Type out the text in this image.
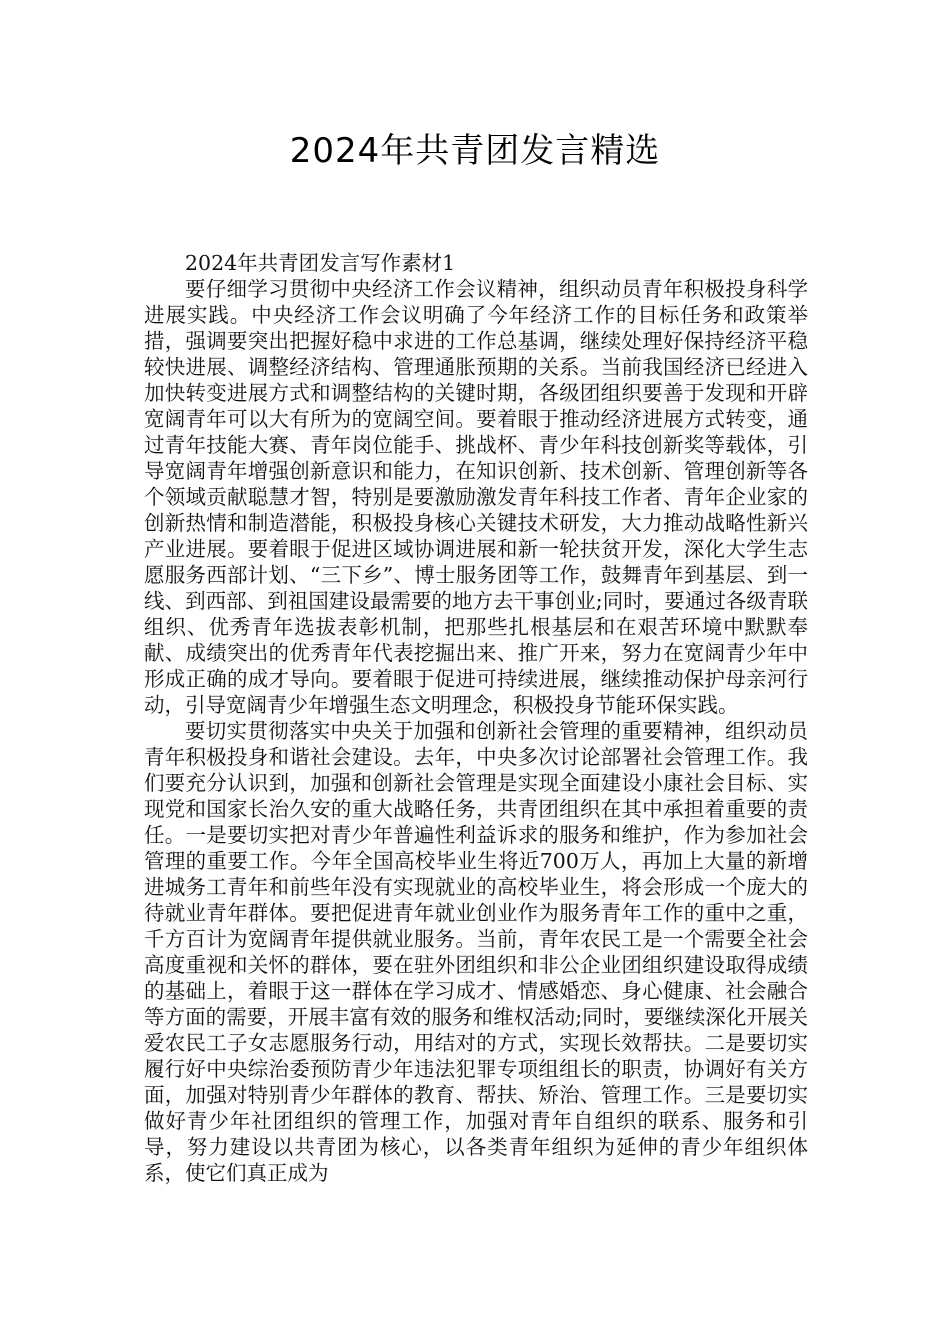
2024年共青团发言精选
2024年共青团发言写作素材1

要仔细学习贯彻中央经济工作会议精神，组织动员青年积极投身科学进展实践。中央经济工作会议明确了今年经济工作的目标任务和政策举措，强调要突出把握好稳中求进的工作总基调，继续处理好保持经济平稳较快进展、调整经济结构、管理通胀预期的关系。当前我国经济已经进入加快转变进展方式和调整结构的关键时期，各级团组织要善于发现和开辟宽阔青年可以大有所为的宽阔空间。要着眼于推动经济进展方式转变，通过青年技能大赛、青年岗位能手、挑战杯、青少年科技创新奖等载体，引导宽阔青年增强创新意识和能力，在知识创新、技术创新、管理创新等各个领域贡献聪慧才智，特别是要激励激发青年科技工作者、青年企业家的创新热情和制造潜能，积极投身核心关键技术研发，大力推动战略性新兴产业进展。要着眼于促进区域协调进展和新一轮扶贫开发，深化大学生志愿服务西部计划、“三下乡”、博士服务团等工作，鼓舞青年到基层、到一线、到西部、到祖国建设最需要的地方去干事创业;同时，要通过各级青联组织、优秀青年选拔表彰机制，把那些扎根基层和在艰苦环境中默默奉献、成绩突出的优秀青年代表挖掘出来、推广开来，努力在宽阔青少年中形成正确的成才导向。要着眼于促进可持续进展，继续推动保护母亲河行动，引导宽阔青少年增强生态文明理念，积极投身节能环保实践。

要切实贯彻落实中央关于加强和创新社会管理的重要精神，组织动员青年积极投身和谐社会建设。去年，中央多次讨论部署社会管理工作。我们要充分认识到，加强和创新社会管理是实现全面建设小康社会目标、实现党和国家长治久安的重大战略任务，共青团组织在其中承担着重要的责任。一是要切实把对青少年普遍性利益诉求的服务和维护，作为参加社会管理的重要工作。今年全国高校毕业生将近700万人，再加上大量的新增进城务工青年和前些年没有实现就业的高校毕业生，将会形成一个庞大的待就业青年群体。要把促进青年就业创业作为服务青年工作的重中之重，千方百计为宽阔青年提供就业服务。当前，青年农民工是一个需要全社会高度重视和关怀的群体，要在驻外团组织和非公企业团组织建设取得成绩的基础上，着眼于这一群体在学习成才、情感婚恋、身心健康、社会融合等方面的需要，开展丰富有效的服务和维权活动;同时，要继续深化开展关爱农民工子女志愿服务行动，用结对的方式，实现长效帮扶。二是要切实履行好中央综治委预防青少年违法犯罪专项组组长的职责，协调好有关方面，加强对特别青少年群体的教育、帮扶、矫治、管理工作。三是要切实做好青少年社团组织的管理工作，加强对青年自组织的联系、服务和引导，努力建设以共青团为核心，以各类青年组织为延伸的青少年组织体系，使它们真正成为
